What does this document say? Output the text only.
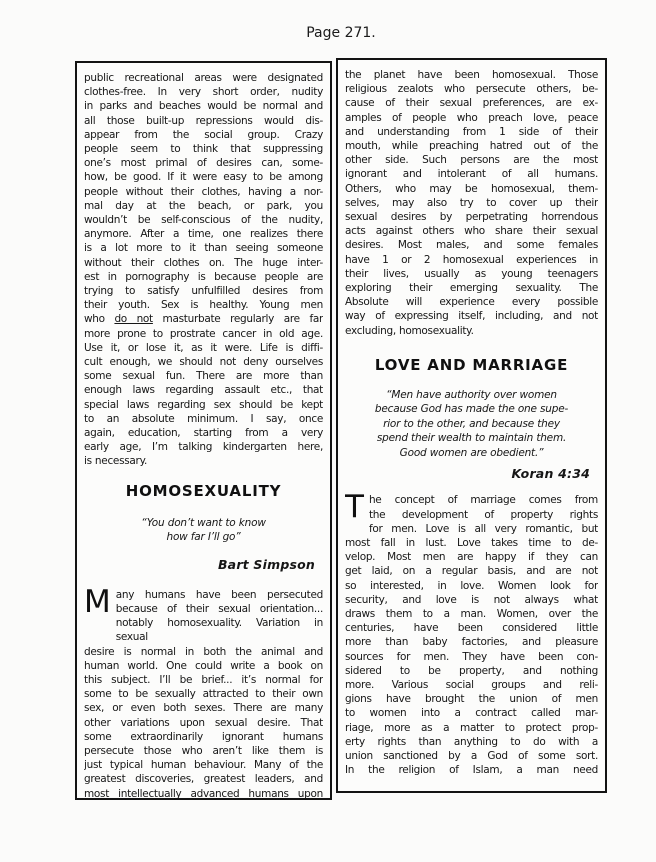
Page 271.
public recreational areas were designated
clothes-free. In very short order, nudity
in parks and beaches would be normal and
all those built-up repressions would dis-
appear from the social group. Crazy
people seem to think that suppressing
one’s most primal of desires can, some-
how, be good. If it were easy to be among
people without their clothes, having a nor-
mal day at the beach, or park, you
wouldn’t be self-conscious of the nudity,
anymore. After a time, one realizes there
is a lot more to it than seeing someone
without their clothes on. The huge inter-
est in pornography is because people are
trying to satisfy unfulfilled desires from
their youth. Sex is healthy. Young men
who do not masturbate regularly are far
more prone to prostrate cancer in old age.
Use it, or lose it, as it were. Life is diffi-
cult enough, we should not deny ourselves
some sexual fun. There are more than
enough laws regarding assault etc., that
special laws regarding sex should be kept
to an absolute minimum. I say, once
again, education, starting from a very
early age, I’m talking kindergarten here,
is necessary.
HOMOSEXUALITY
“You don’t want to know
how far I’ll go”
Bart Simpson
M any humans have been persecuted
because of their sexual orientation...
notably homosexuality. Variation in sexual
desire is normal in both the animal and
human world. One could write a book on
this subject. I’ll be brief... it’s normal for
some to be sexually attracted to their own
sex, or even both sexes. There are many
other variations upon sexual desire. That
some extraordinarily ignorant humans
persecute those who aren’t like them is
just typical human behaviour. Many of the
greatest discoveries, greatest leaders, and
most intellectually advanced humans upon
the planet have been homosexual. Those
religious zealots who persecute others, be-
cause of their sexual preferences, are ex-
amples of people who preach love, peace
and understanding from 1 side of their
mouth, while preaching hatred out of the
other side. Such persons are the most
ignorant and intolerant of all humans.
Others, who may be homosexual, them-
selves, may also try to cover up their
sexual desires by perpetrating horrendous
acts against others who share their sexual
desires. Most males, and some females
have 1 or 2 homosexual experiences in
their lives, usually as young teenagers
exploring their emerging sexuality. The
Absolute will experience every possible
way of expressing itself, including, and not
excluding, homosexuality.
LOVE AND MARRIAGE
“Men have authority over women
because God has made the one supe-
rior to the other, and because they
spend their wealth to maintain them.
Good women are obedient.”
Koran 4:34
T he concept of marriage comes from
the development of property rights
for men. Love is all very romantic, but
most fall in lust. Love takes time to de-
velop. Most men are happy if they can
get laid, on a regular basis, and are not
so interested, in love. Women look for
security, and love is not always what
draws them to a man. Women, over the
centuries, have been considered little
more than baby factories, and pleasure
sources for men. They have been con-
sidered to be property, and nothing
more. Various social groups and reli-
gions have brought the union of men
to women into a contract called mar-
riage, more as a matter to protect prop-
erty rights than anything to do with a
union sanctioned by a God of some sort.
In the religion of Islam, a man need
